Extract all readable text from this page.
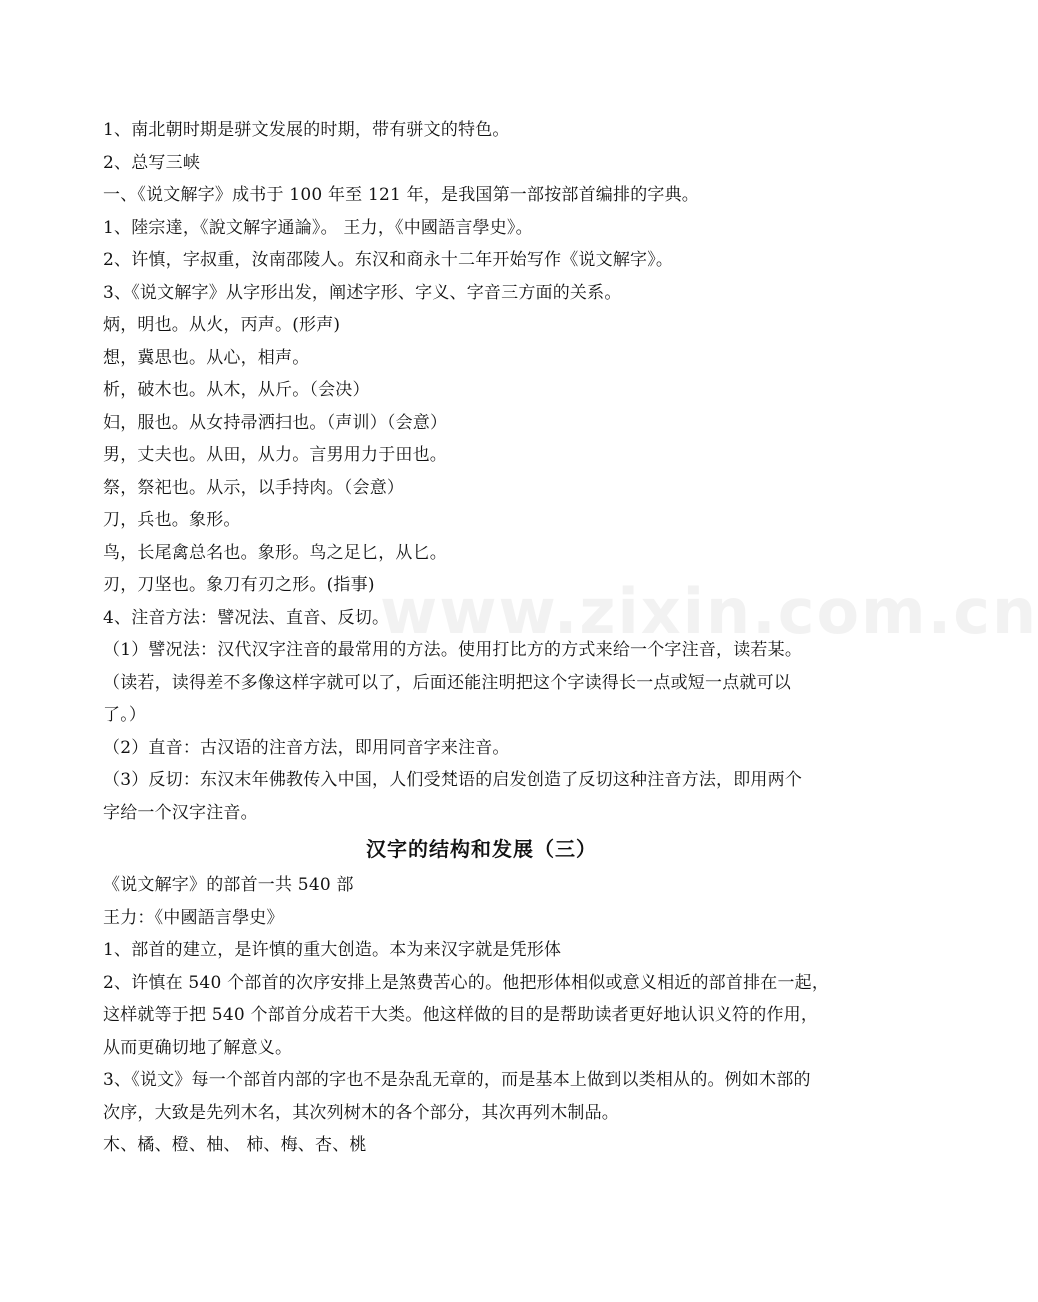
www.zixin.com.cn
1、南北朝时期是骈文发展的时期，带有骈文的特色。
2、总写三峡
一、《说文解字》成书于 100 年至 121 年，是我国第一部按部首编排的字典。
1、陸宗達，《說文解字通論》。 王力，《中國語言學史》。
2、许慎，字叔重，汝南邵陵人。东汉和商永十二年开始写作《说文解字》。
3、《说文解字》从字形出发，阐述字形、字义、字音三方面的关系。
炳，明也。从火，丙声。(形声)
想，冀思也。从心，相声。
析，破木也。从木，从斤。（会决）
妇，服也。从女持帚洒扫也。（声训）（会意）
男，丈夫也。从田，从力。言男用力于田也。
祭，祭祀也。从示，以手持肉。（会意）
刀，兵也。象形。
鸟，长尾禽总名也。象形。鸟之足匕，从匕。
刃，刀坚也。象刀有刃之形。(指事)
4、注音方法：譬况法、直音、反切。
（1）譬况法：汉代汉字注音的最常用的方法。使用打比方的方式来给一个字注音，读若某。
（读若，读得差不多像这样字就可以了，后面还能注明把这个字读得长一点或短一点就可以
了。）
（2）直音：古汉语的注音方法，即用同音字来注音。
（3）反切：东汉末年佛教传入中国，人们受梵语的启发创造了反切这种注音方法，即用两个
字给一个汉字注音。
汉字的结构和发展（三）
《说文解字》的部首一共 540 部
王力：《中國語言學史》
1、部首的建立，是许慎的重大创造。本为来汉字就是凭形体
2、许慎在 540 个部首的次序安排上是煞费苦心的。他把形体相似或意义相近的部首排在一起，
这样就等于把 540 个部首分成若干大类。他这样做的目的是帮助读者更好地认识义符的作用，
从而更确切地了解意义。
3、《说文》每一个部首内部的字也不是杂乱无章的，而是基本上做到以类相从的。例如木部的
次序，大致是先列木名，其次列树木的各个部分，其次再列木制品。
木、橘、橙、柚、 柿、梅、杏、桃
